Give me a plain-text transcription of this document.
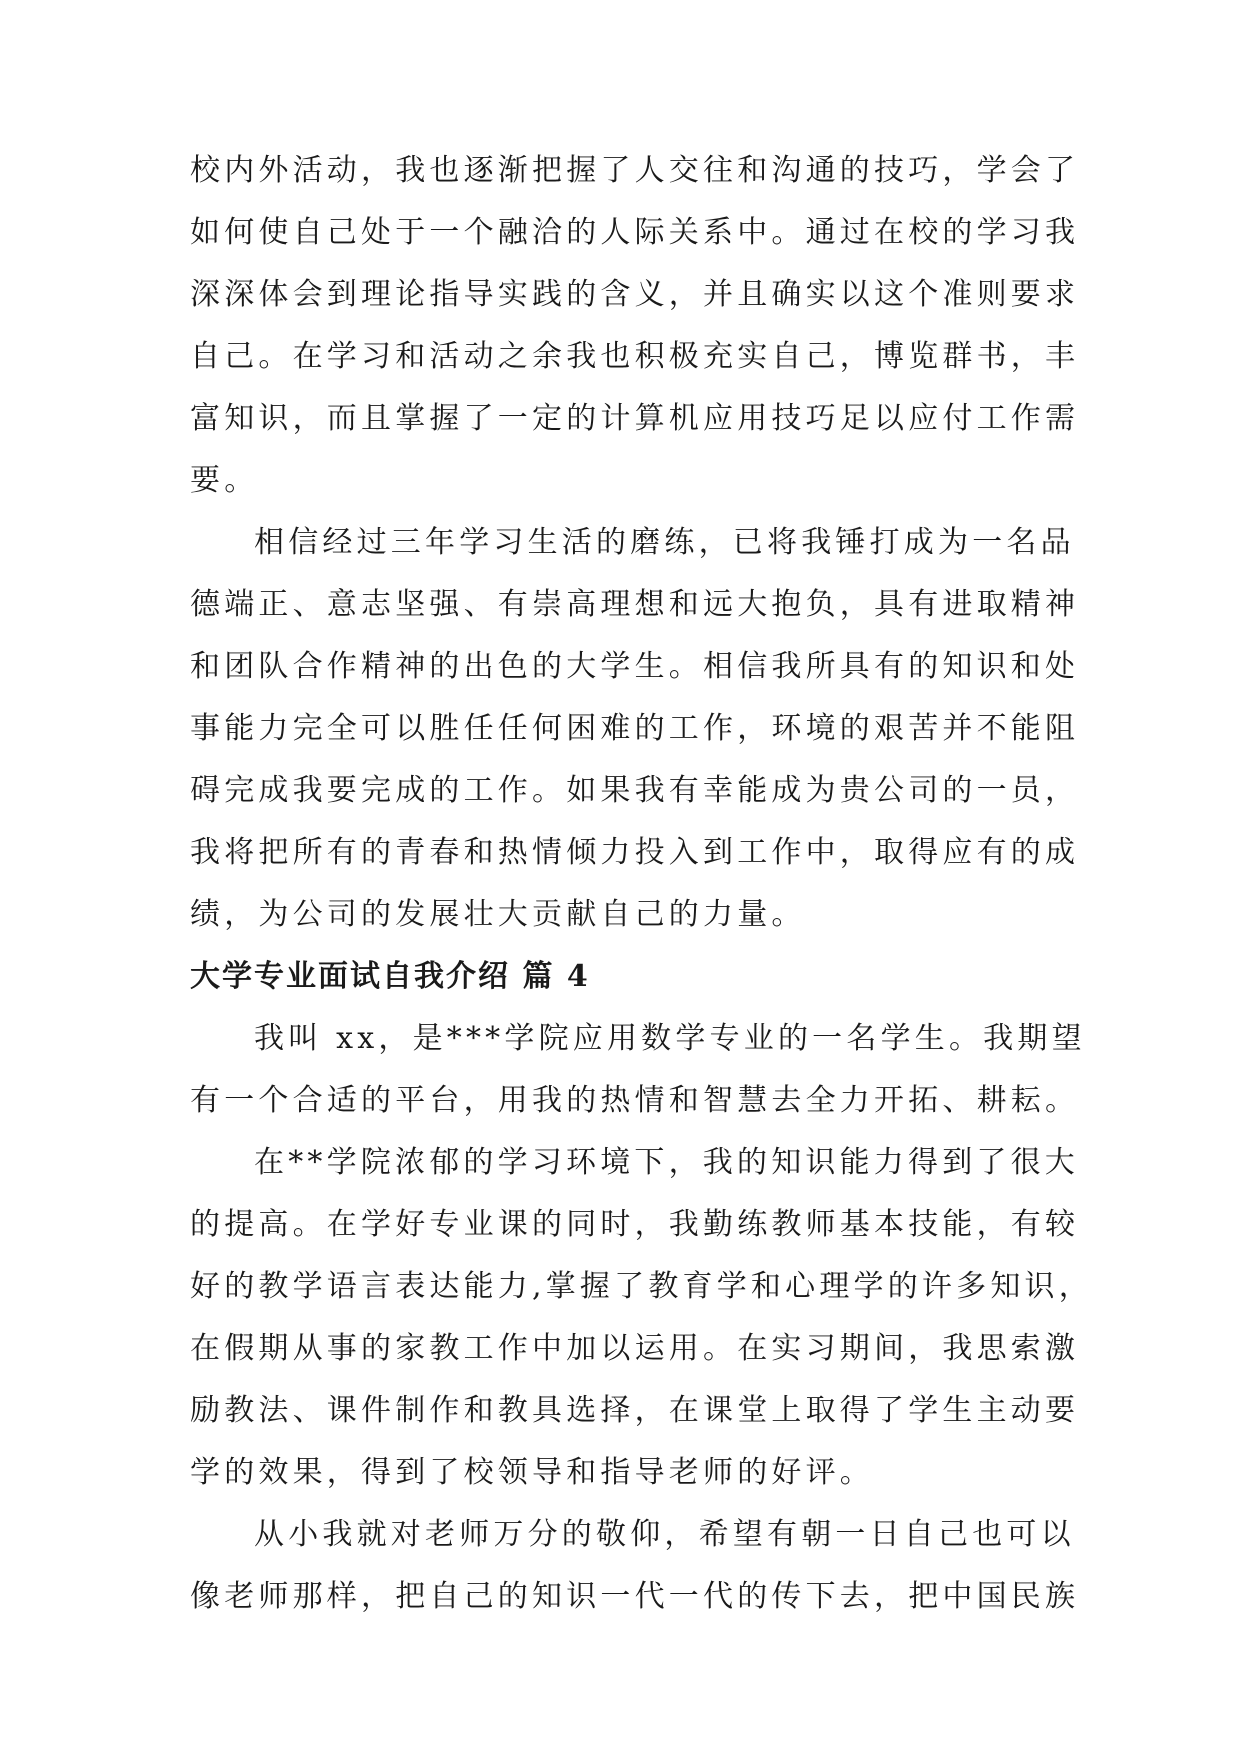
校内外活动，我也逐渐把握了人交往和沟通的技巧，学会了
如何使自己处于一个融洽的人际关系中。通过在校的学习我
深深体会到理论指导实践的含义，并且确实以这个准则要求
自己。在学习和活动之余我也积极充实自己，博览群书，丰
富知识，而且掌握了一定的计算机应用技巧足以应付工作需
要。

相信经过三年学习生活的磨练，已将我锤打成为一名品
德端正、意志坚强、有崇高理想和远大抱负，具有进取精神
和团队合作精神的出色的大学生。相信我所具有的知识和处
事能力完全可以胜任任何困难的工作，环境的艰苦并不能阻
碍完成我要完成的工作。如果我有幸能成为贵公司的一员，
我将把所有的青春和热情倾力投入到工作中，取得应有的成
绩，为公司的发展壮大贡献自己的力量。

大学专业面试自我介绍 篇 4

我叫 xx，是***学院应用数学专业的一名学生。我期望
有一个合适的平台，用我的热情和智慧去全力开拓、耕耘。

在**学院浓郁的学习环境下，我的知识能力得到了很大
的提高。在学好专业课的同时，我勤练教师基本技能，有较
好的教学语言表达能力,掌握了教育学和心理学的许多知识，
在假期从事的家教工作中加以运用。在实习期间，我思索激
励教法、课件制作和教具选择，在课堂上取得了学生主动要
学的效果，得到了校领导和指导老师的好评。

从小我就对老师万分的敬仰，希望有朝一日自己也可以
像老师那样，把自己的知识一代一代的传下去，把中国民族
